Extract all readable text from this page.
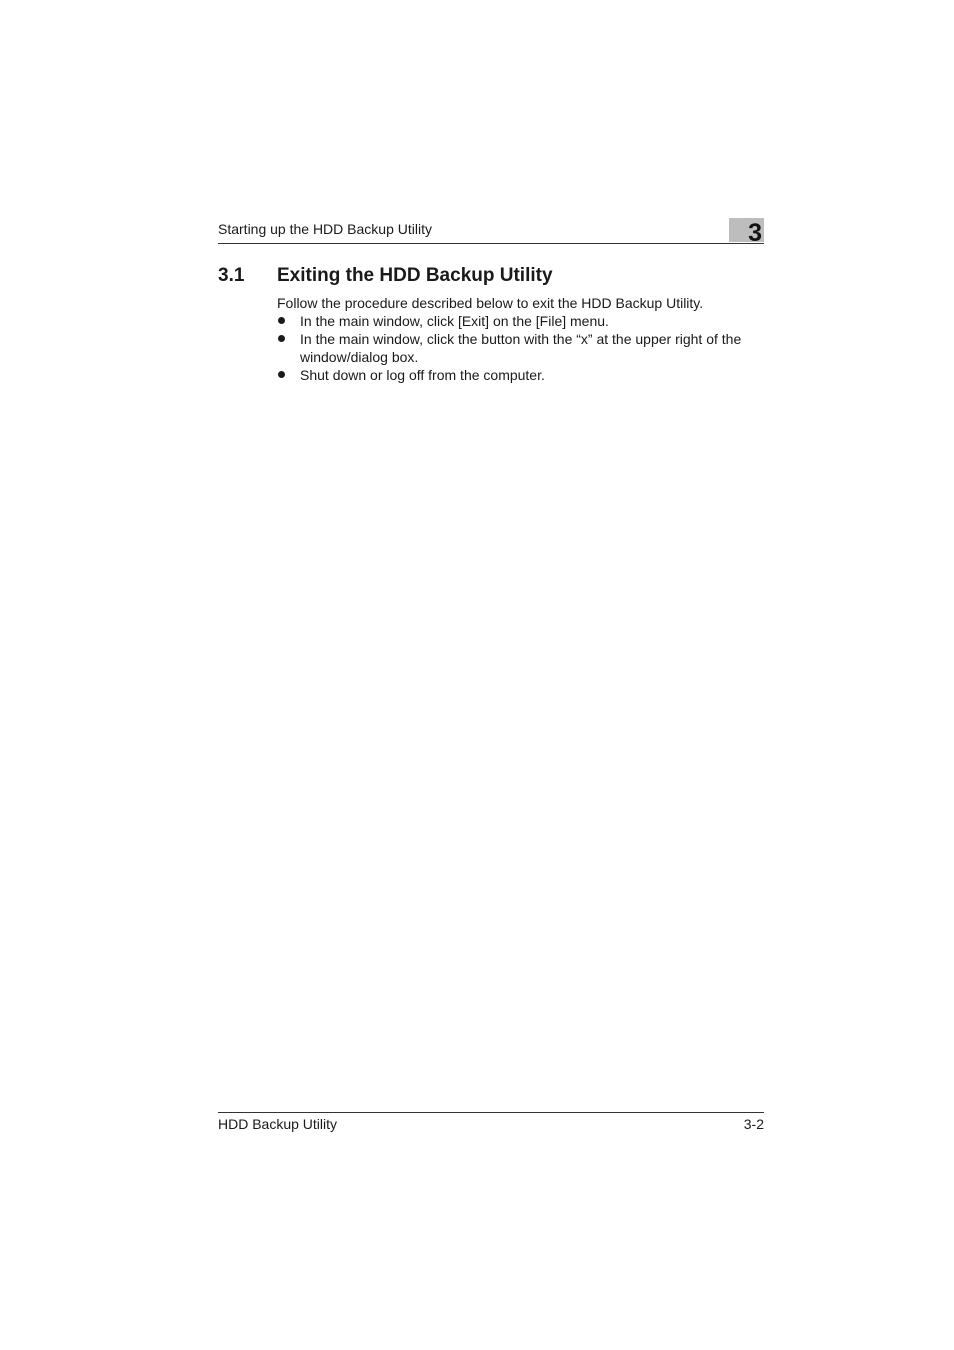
Starting up the HDD Backup Utility	3
3.1 Exiting the HDD Backup Utility

Follow the procedure described below to exit the HDD Backup Utility.

In the main window, click [Exit] on the [File] menu.
In the main window, click the button with the “x” at the upper right of the window/dialog box.
Shut down or log off from the computer.
HDD Backup Utility	3-2
